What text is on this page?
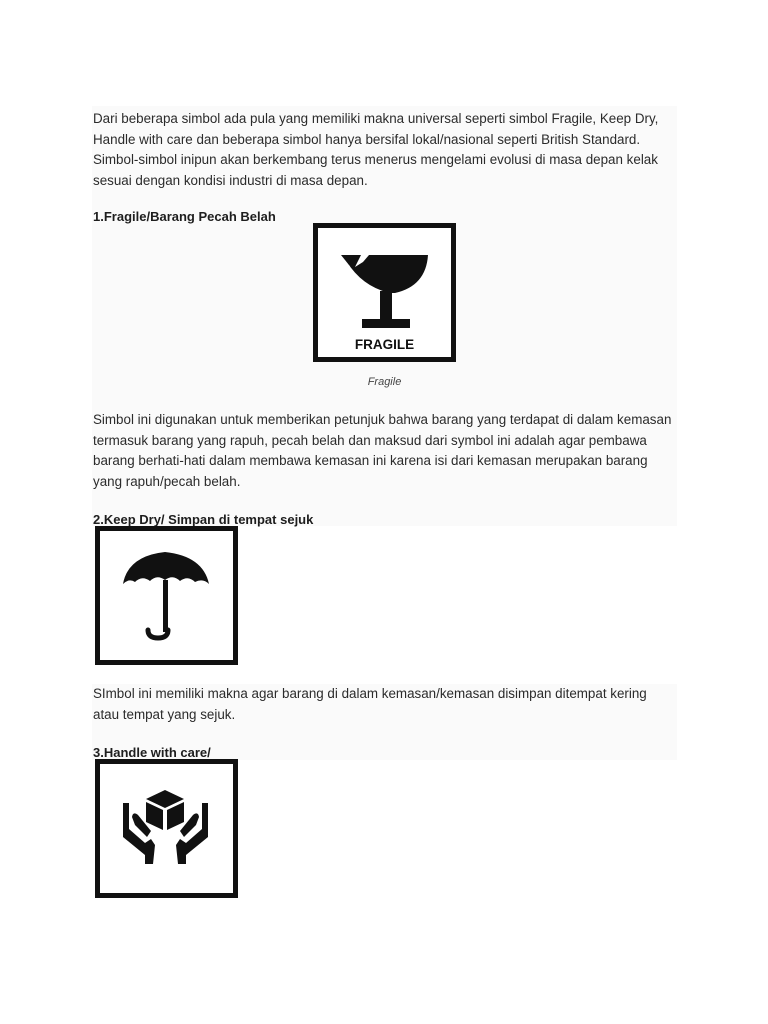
Dari beberapa simbol ada pula yang memiliki makna universal seperti simbol Fragile, Keep Dry, Handle with care dan beberapa simbol hanya bersifal lokal/nasional seperti British Standard. Simbol-simbol inipun akan berkembang terus menerus mengelami evolusi di masa depan kelak sesuai dengan kondisi industri di masa depan.

1.Fragile/Barang Pecah Belah

FRAGILE
Fragile

Simbol ini digunakan untuk memberikan petunjuk bahwa barang yang terdapat di dalam kemasan termasuk barang yang rapuh, pecah belah dan maksud dari symbol ini adalah agar pembawa barang berhati-hati dalam membawa kemasan ini karena isi dari kemasan merupakan barang yang rapuh/pecah belah.

2.Keep Dry/ Simpan di tempat sejuk

SImbol ini memiliki makna agar barang di dalam kemasan/kemasan disimpan ditempat kering atau tempat yang sejuk.

3.Handle with care/
